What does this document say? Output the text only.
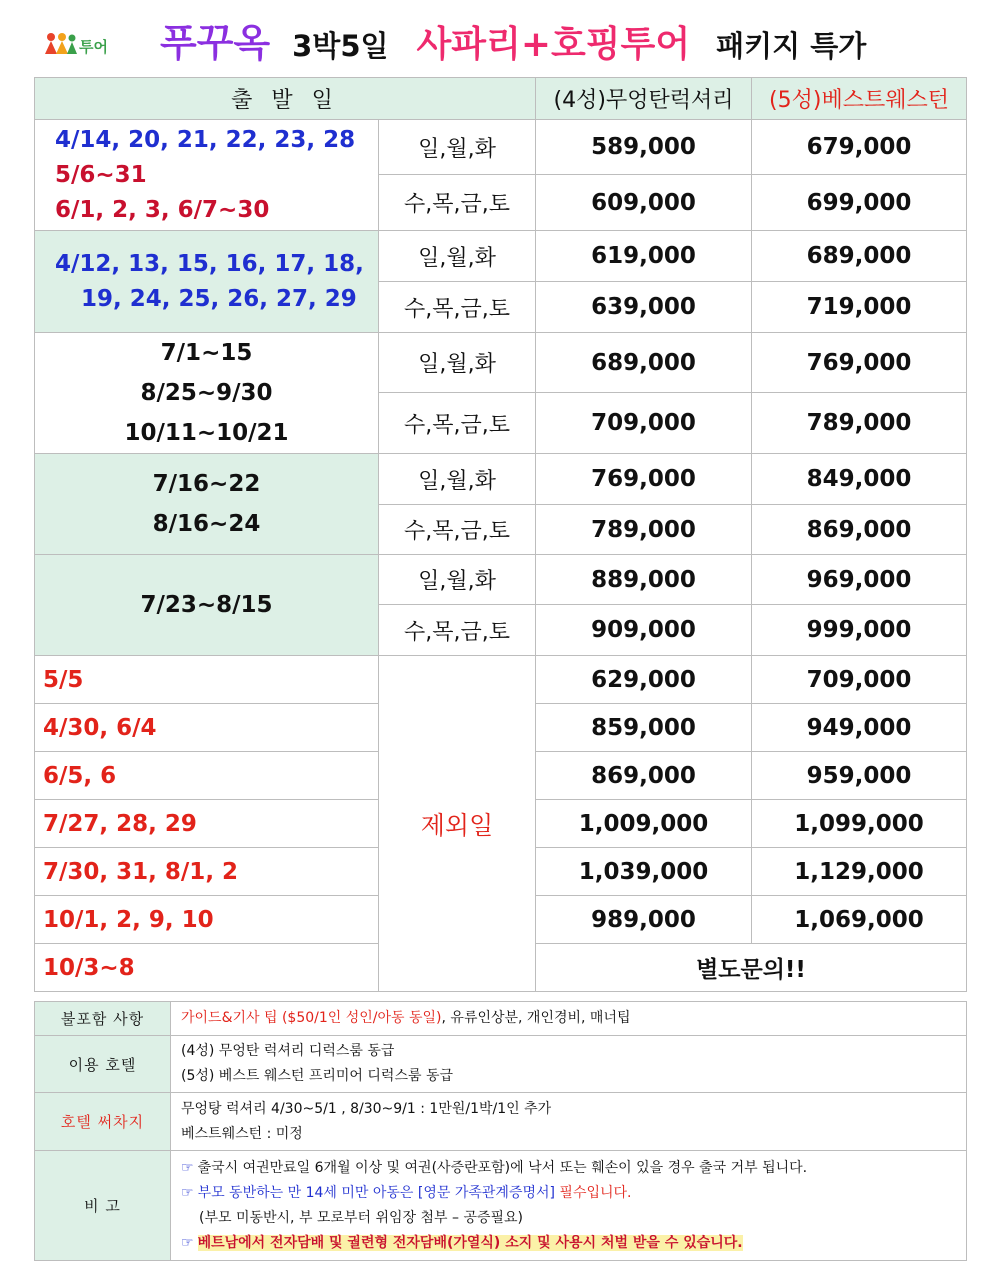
투어 푸꾸옥 3박5일 사파리+호핑투어 패키지 특가
출 발 일		(4성)무엉탄럭셔리	(5성)베스트웨스턴

4/14, 20, 21, 22, 23, 28
5/6~31
6/1, 2, 3, 6/7~30	일,월,화	589,000	679,000
	수,목,금,토	609,000	699,000

4/12, 13, 15, 16, 17, 18,
19, 24, 25, 26, 27, 29	일,월,화	619,000	689,000
	수,목,금,토	639,000	719,000

7/1~15
8/25~9/30
10/11~10/21	일,월,화	689,000	769,000
	수,목,금,토	709,000	789,000

7/16~22
8/16~24	일,월,화	769,000	849,000
	수,목,금,토	789,000	869,000

7/23~8/15	일,월,화	889,000	969,000
	수,목,금,토	909,000	999,000
5/5	제외일	629,000	709,000
4/30, 6/4		859,000	949,000
6/5, 6		869,000	959,000
7/27, 28, 29		1,009,000	1,099,000
7/30, 31, 8/1, 2		1,039,000	1,129,000
10/1, 2, 9, 10		989,000	1,069,000
10/3~8		별도문의!!	
불포함 사항	가이드&기사 팁 ($50/1인 성인/아동 동일), 유류인상분, 개인경비, 매너팁
이용 호텔	(4성) 무엉탄 럭셔리 디럭스룸 동급
(5성) 베스트 웨스턴 프리미어 디럭스룸 동급

호텔 써차지	무엉탕 럭셔리 4/30~5/1 , 8/30~9/1 : 1만원/1박/1인 추가
베스트웨스턴 : 미정

비 고	☞ 출국시 여권만료일 6개월 이상 및 여권(사증란포함)에 낙서 또는 훼손이 있을 경우 출국 거부 됩니다.
☞ 부모 동반하는 만 14세 미만 아동은 [영문 가족관계증명서] 필수입니다.
(부모 미동반시, 부 모로부터 위임장 첨부 – 공증필요)
☞ 베트남에서 전자담배 및 궐련형 전자담배(가열식) 소지 및 사용시 처벌 받을 수 있습니다.
